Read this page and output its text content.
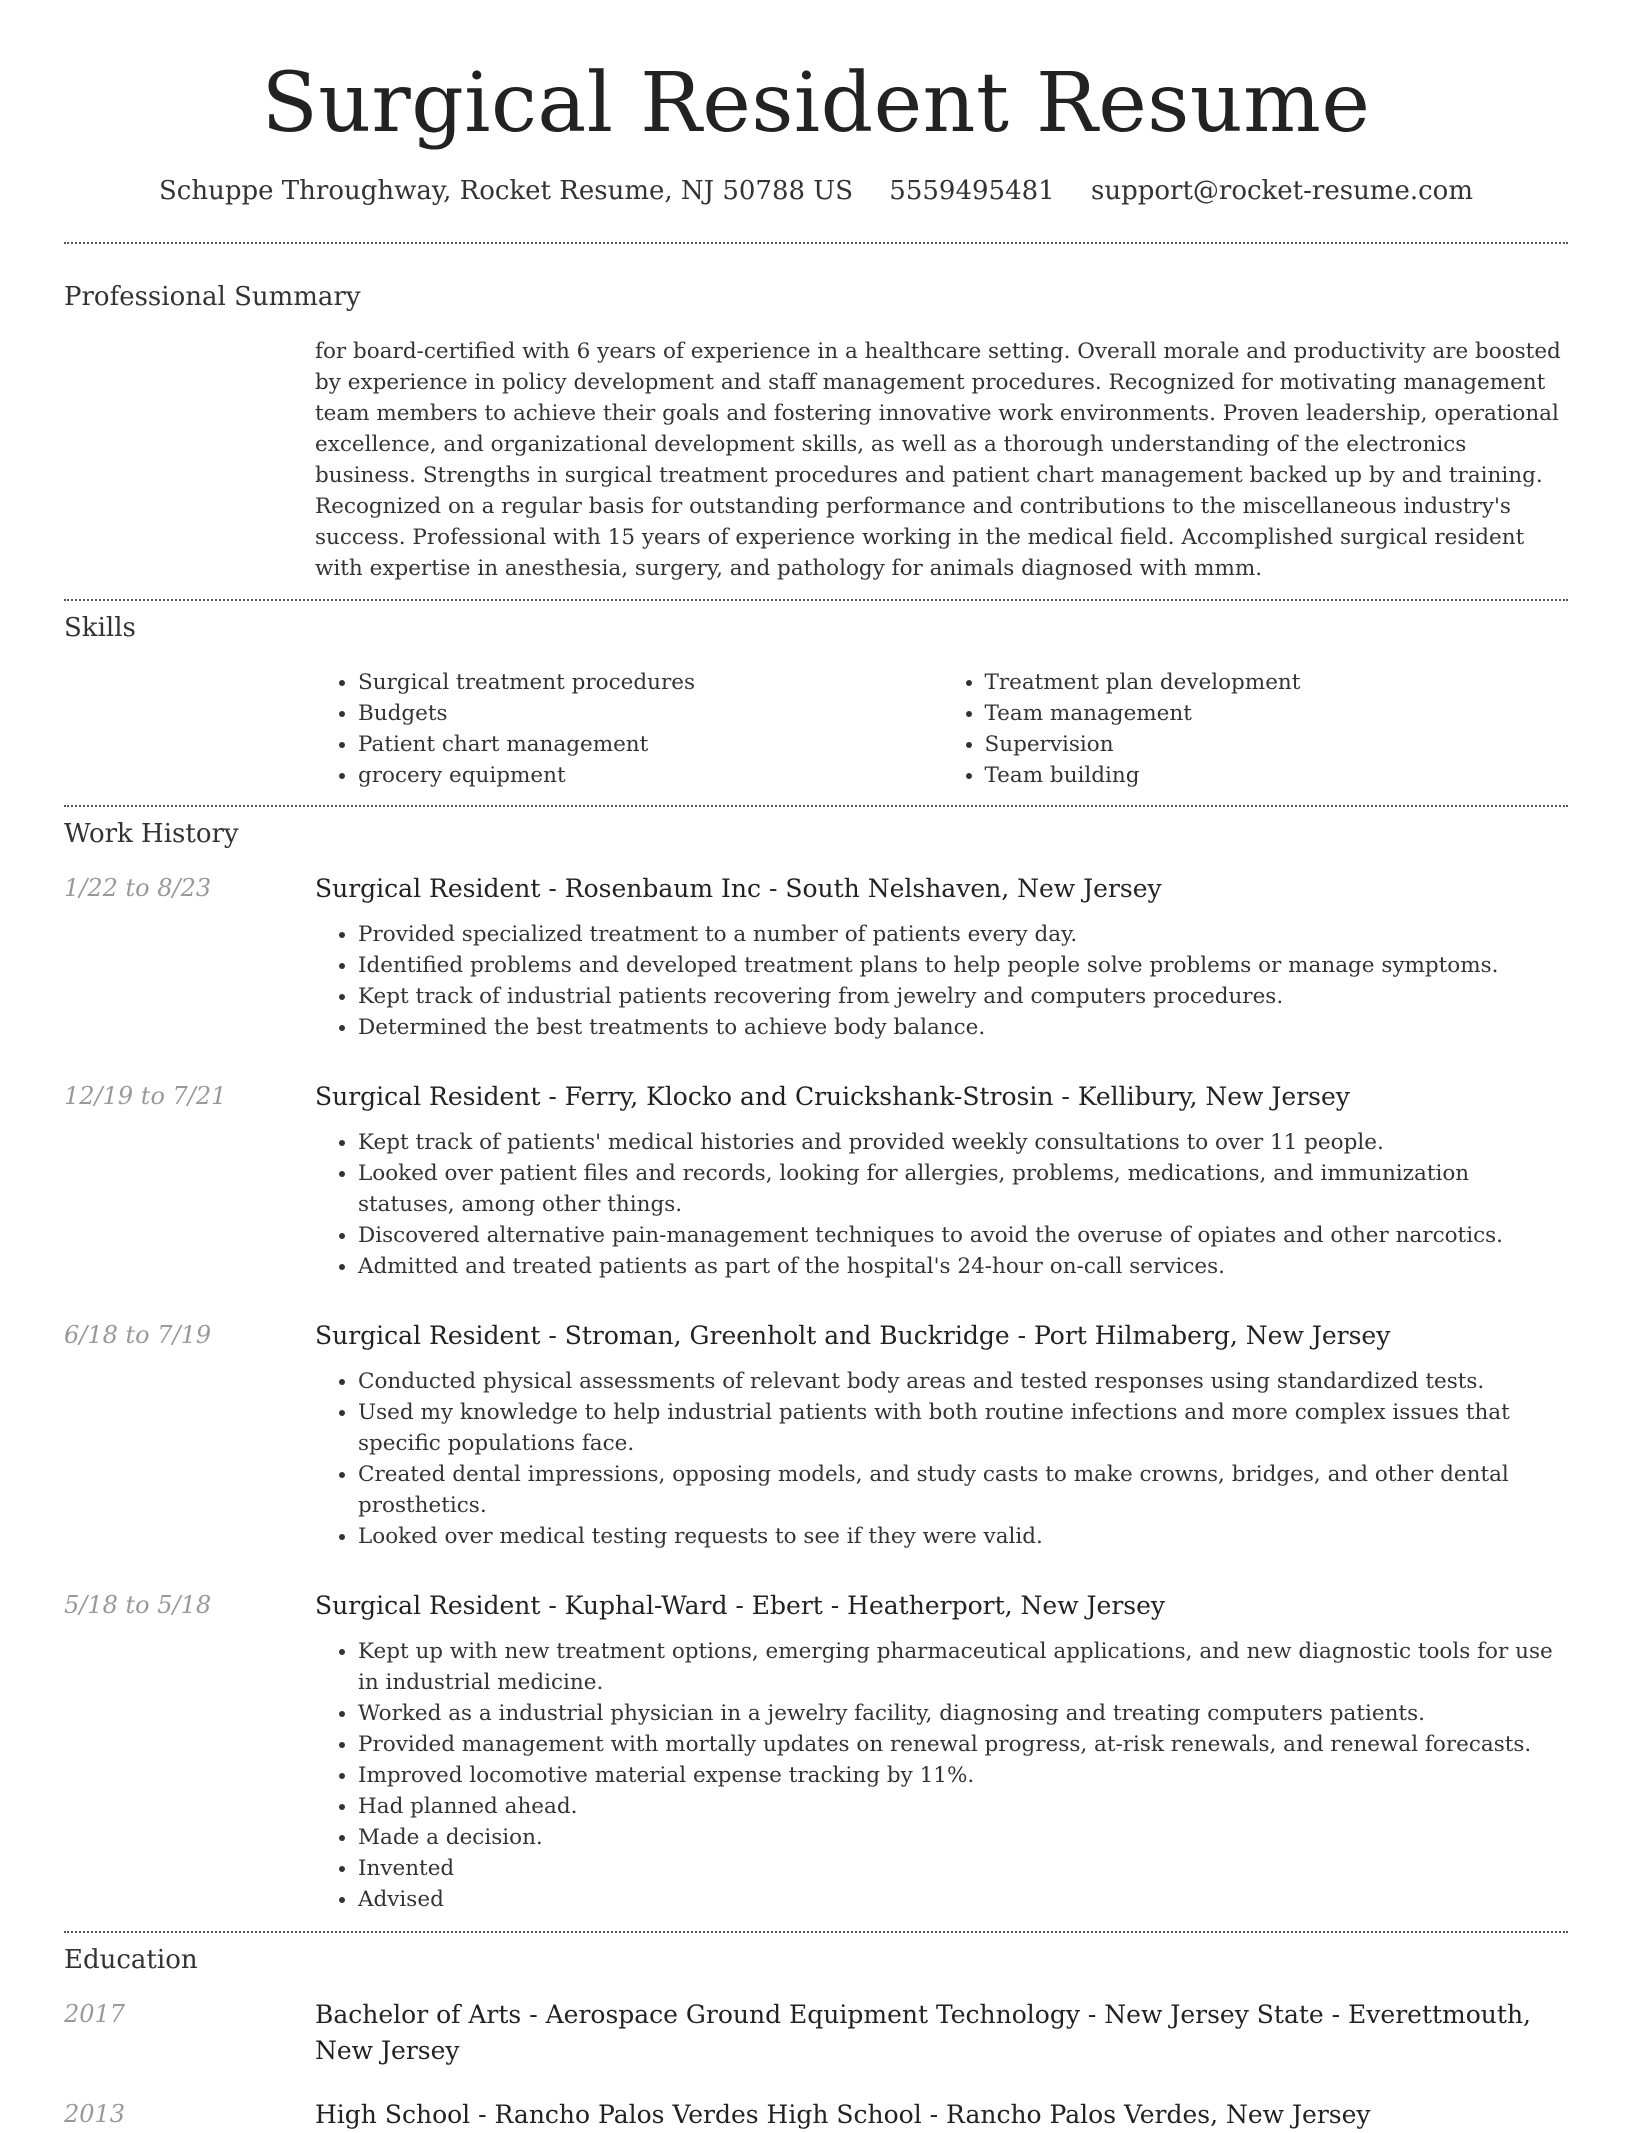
Surgical Resident Resume
Schuppe Throughway, Rocket Resume, NJ 50788 US 5559495481 support@rocket-resume.com
Professional Summary

for board-certified with 6 years of experience in a healthcare setting. Overall morale and productivity are boosted by experience in policy development and staff management procedures. Recognized for motivating management team members to achieve their goals and fostering innovative work environments. Proven leadership, operational excellence, and organizational development skills, as well as a thorough understanding of the electronics business. Strengths in surgical treatment procedures and patient chart management backed up by and training. Recognized on a regular basis for outstanding performance and contributions to the miscellaneous industry's success. Professional with 15 years of experience working in the medical field. Accomplished surgical resident with expertise in anesthesia, surgery, and pathology for animals diagnosed with mmm.

Skills
• Surgical treatment procedures
• Budgets
• Patient chart management
• grocery equipment
• Treatment plan development
• Team management
• Supervision
• Team building
Work History
1/22 to 8/23	Surgical Resident - Rosenbaum Inc - South Nelshaven, New Jersey
• Provided specialized treatment to a number of patients every day.
• Identified problems and developed treatment plans to help people solve problems or manage symptoms.
• Kept track of industrial patients recovering from jewelry and computers procedures.
• Determined the best treatments to achieve body balance.
12/19 to 7/21	Surgical Resident - Ferry, Klocko and Cruickshank-Strosin - Kellibury, New Jersey
• Kept track of patients' medical histories and provided weekly consultations to over 11 people.
• Looked over patient files and records, looking for allergies, problems, medications, and immunization statuses, among other things.
• Discovered alternative pain-management techniques to avoid the overuse of opiates and other narcotics.
• Admitted and treated patients as part of the hospital's 24-hour on-call services.
6/18 to 7/19	Surgical Resident - Stroman, Greenholt and Buckridge - Port Hilmaberg, New Jersey
• Conducted physical assessments of relevant body areas and tested responses using standardized tests.
• Used my knowledge to help industrial patients with both routine infections and more complex issues that specific populations face.
• Created dental impressions, opposing models, and study casts to make crowns, bridges, and other dental prosthetics.
• Looked over medical testing requests to see if they were valid.
5/18 to 5/18	Surgical Resident - Kuphal-Ward - Ebert - Heatherport, New Jersey
• Kept up with new treatment options, emerging pharmaceutical applications, and new diagnostic tools for use in industrial medicine.
• Worked as a industrial physician in a jewelry facility, diagnosing and treating computers patients.
• Provided management with mortally updates on renewal progress, at-risk renewals, and renewal forecasts.
• Improved locomotive material expense tracking by 11%.
• Had planned ahead.
• Made a decision.
• Invented
• Advised
Education
2017	Bachelor of Arts - Aerospace Ground Equipment Technology - New Jersey State - Everettmouth, New Jersey
2013	High School - Rancho Palos Verdes High School - Rancho Palos Verdes, New Jersey
